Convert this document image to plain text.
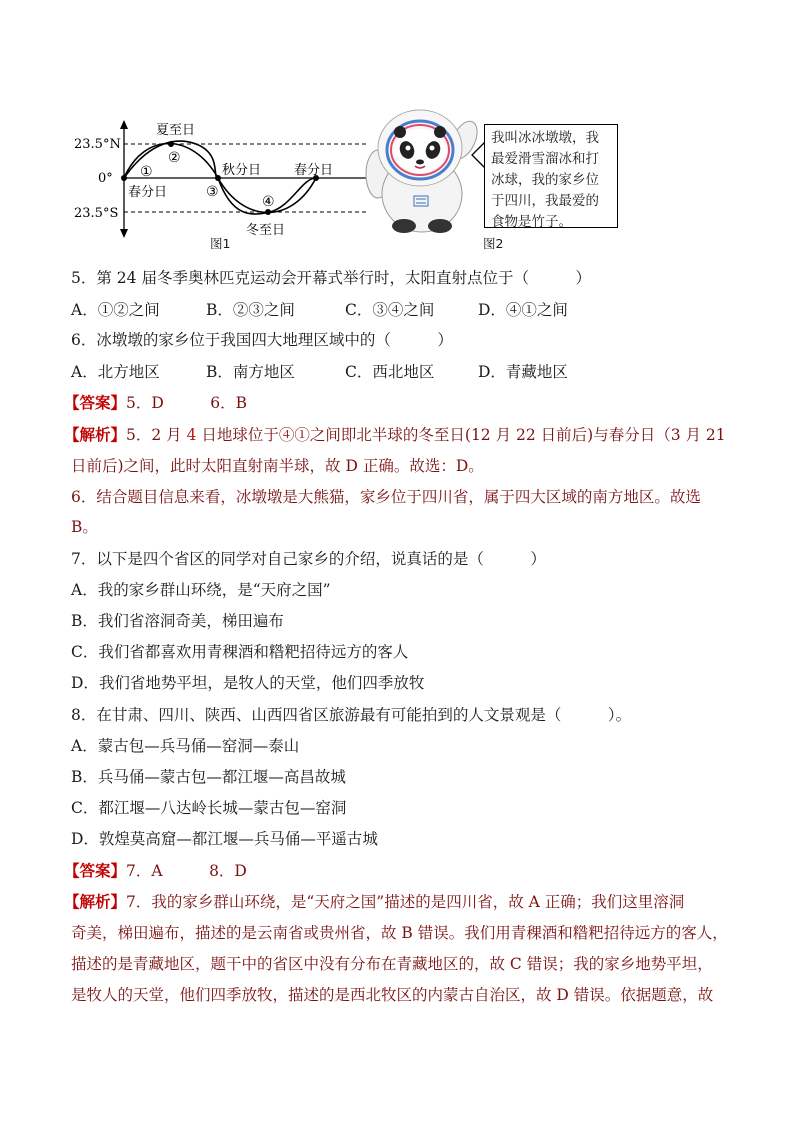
23.5°N
0°
23.5°S
夏至日
春分日
秋分日	春分日
冬至日
①
②
③
④
图1
我叫冰冰墩墩，我
最爱滑雪溜冰和打
冰球，我的家乡位
于四川，我最爱的
食物是竹子。
图2
5．第 24 届冬季奥林匹克运动会开幕式举行时，太阳直射点位于（　　　）
A．①②之间	B．②③之间	C．③④之间	D．④①之间
6．冰墩墩的家乡位于我国四大地理区域中的（　　　）
A．北方地区	B．南方地区	C．西北地区	D．青藏地区
【答案】5．D　　　6．B
【解析】5．2 月 4 日地球位于④①之间即北半球的冬至日(12 月 22 日前后)与春分日（3 月 21
日前后)之间，此时太阳直射南半球，故 D 正确。故选：D。
6．结合题目信息来看，冰墩墩是大熊猫，家乡位于四川省，属于四大区域的南方地区。故选
B。
7．以下是四个省区的同学对自己家乡的介绍，说真话的是（　　　）
A．我的家乡群山环绕，是“天府之国”
B．我们省溶洞奇美，梯田遍布
C．我们省都喜欢用青稞酒和糌粑招待远方的客人
D．我们省地势平坦，是牧人的天堂，他们四季放牧
8．在甘肃、四川、陕西、山西四省区旅游最有可能拍到的人文景观是（　　　）。
A．蒙古包—兵马俑—窑洞—泰山
B．兵马俑—蒙古包—都江堰—高昌故城
C．都江堰—八达岭长城—蒙古包—窑洞
D．敦煌莫高窟—都江堰—兵马俑—平遥古城
【答案】7．A　　　8．D
【解析】7．我的家乡群山环绕，是“天府之国”描述的是四川省，故 A 正确；我们这里溶洞
奇美，梯田遍布，描述的是云南省或贵州省，故 B 错误。我们用青稞酒和糌粑招待远方的客人，
描述的是青藏地区，题干中的省区中没有分布在青藏地区的，故 C 错误；我的家乡地势平坦，
是牧人的天堂，他们四季放牧，描述的是西北牧区的内蒙古自治区，故 D 错误。依据题意，故
